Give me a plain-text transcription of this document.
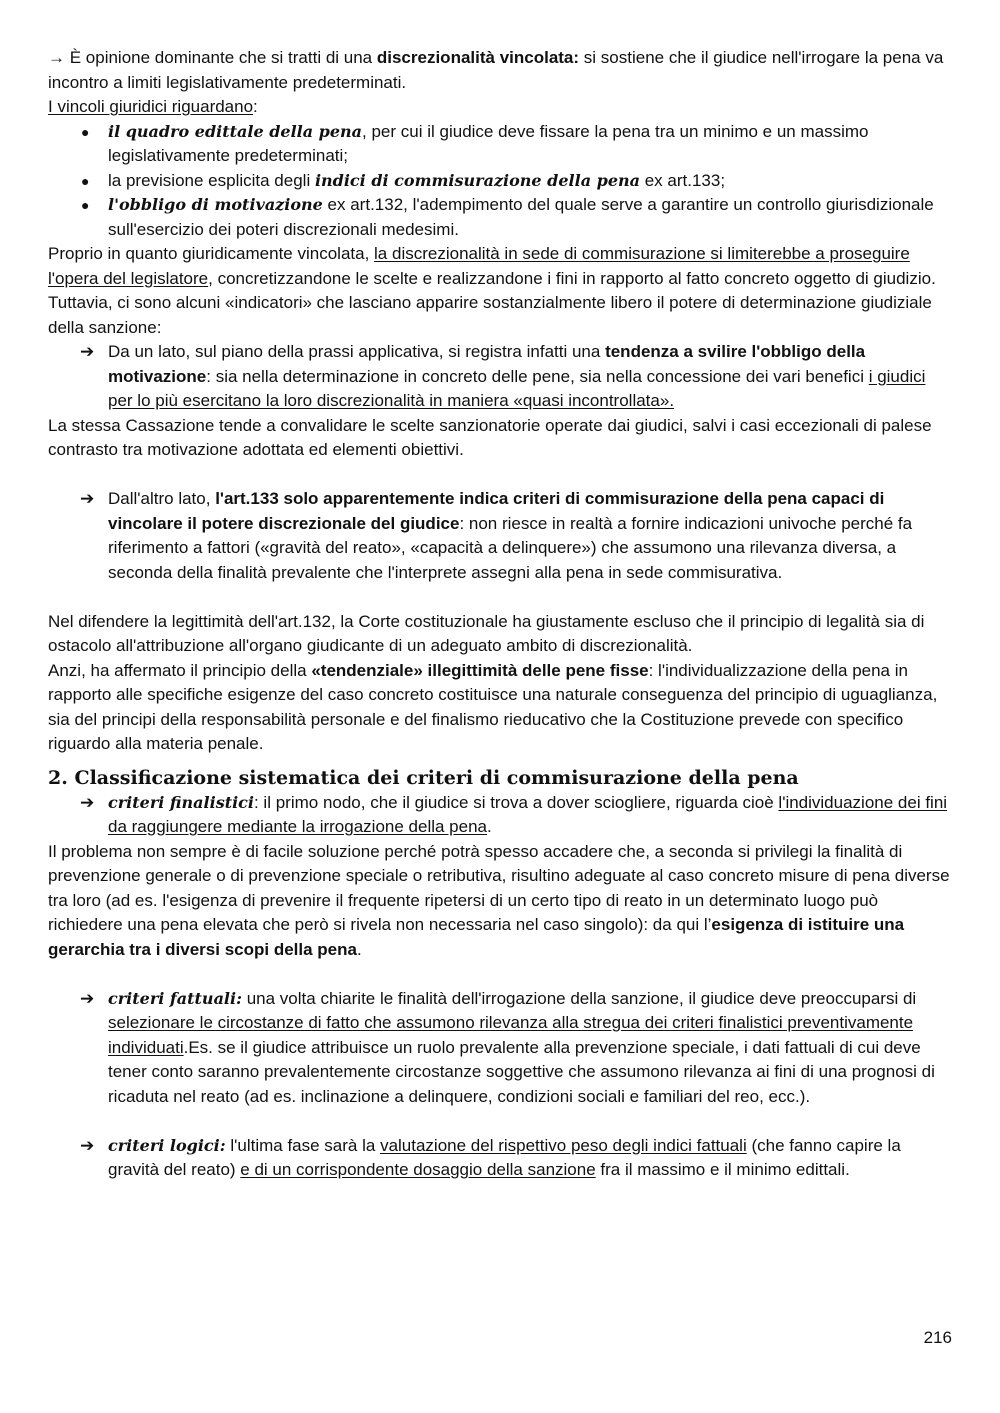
→ È opinione dominante che si tratti di una discrezionalità vincolata: si sostiene che il giudice nell'irrogare la pena va incontro a limiti legislativamente predeterminati.

I vincoli giuridici riguardano:

● il quadro edittale della pena, per cui il giudice deve fissare la pena tra un minimo e un massimo legislativamente predeterminati;
● la previsione esplicita degli indici di commisurazione della pena ex art.133;
● l'obbligo di motivazione ex art.132, l'adempimento del quale serve a garantire un controllo giurisdizionale sull'esercizio dei poteri discrezionali medesimi.

Proprio in quanto giuridicamente vincolata, la discrezionalità in sede di commisurazione si limiterebbe a proseguire l'opera del legislatore, concretizzandone le scelte e realizzandone i fini in rapporto al fatto concreto oggetto di giudizio.

Tuttavia, ci sono alcuni «indicatori» che lasciano apparire sostanzialmente libero il potere di determinazione giudiziale della sanzione:

➔ Da un lato, sul piano della prassi applicativa, si registra infatti una tendenza a svilire l'obbligo della motivazione: sia nella determinazione in concreto delle pene, sia nella concessione dei vari benefici i giudici per lo più esercitano la loro discrezionalità in maniera «quasi incontrollata».

La stessa Cassazione tende a convalidare le scelte sanzionatorie operate dai giudici, salvi i casi eccezionali di palese contrasto tra motivazione adottata ed elementi obiettivi.

➔ Dall'altro lato, l'art.133 solo apparentemente indica criteri di commisurazione della pena capaci di vincolare il potere discrezionale del giudice: non riesce in realtà a fornire indicazioni univoche perché fa riferimento a fattori («gravità del reato», «capacità a delinquere») che assumono una rilevanza diversa, a seconda della finalità prevalente che l'interprete assegni alla pena in sede commisurativa.

Nel difendere la legittimità dell'art.132, la Corte costituzionale ha giustamente escluso che il principio di legalità sia di ostacolo all'attribuzione all'organo giudicante di un adeguato ambito di discrezionalità.

Anzi, ha affermato il principio della «tendenziale» illegittimità delle pene fisse: l'individualizzazione della pena in rapporto alle specifiche esigenze del caso concreto costituisce una naturale conseguenza del principio di uguaglianza, sia del principi della responsabilità personale e del finalismo rieducativo che la Costituzione prevede con specifico riguardo alla materia penale.

2. Classificazione sistematica dei criteri di commisurazione della pena
➔ criteri finalistici: il primo nodo, che il giudice si trova a dover sciogliere, riguarda cioè l'individuazione dei fini da raggiungere mediante la irrogazione della pena.

Il problema non sempre è di facile soluzione perché potrà spesso accadere che, a seconda si privilegi la finalità di prevenzione generale o di prevenzione speciale o retributiva, risultino adeguate al caso concreto misure di pena diverse tra loro (ad es. l'esigenza di prevenire il frequente ripetersi di un certo tipo di reato in un determinato luogo può richiedere una pena elevata che però si rivela non necessaria nel caso singolo): da qui l’esigenza di istituire una gerarchia tra i diversi scopi della pena.

➔ criteri fattuali: una volta chiarite le finalità dell'irrogazione della sanzione, il giudice deve preoccuparsi di selezionare le circostanze di fatto che assumono rilevanza alla stregua dei criteri finalistici preventivamente individuati.Es. se il giudice attribuisce un ruolo prevalente alla prevenzione speciale, i dati fattuali di cui deve tener conto saranno prevalentemente circostanze soggettive che assumono rilevanza ai fini di una prognosi di ricaduta nel reato (ad es. inclinazione a delinquere, condizioni sociali e familiari del reo, ecc.).
➔ criteri logici: l'ultima fase sarà la valutazione del rispettivo peso degli indici fattuali (che fanno capire la gravità del reato) e di un corrispondente dosaggio della sanzione fra il massimo e il minimo edittali.
216
